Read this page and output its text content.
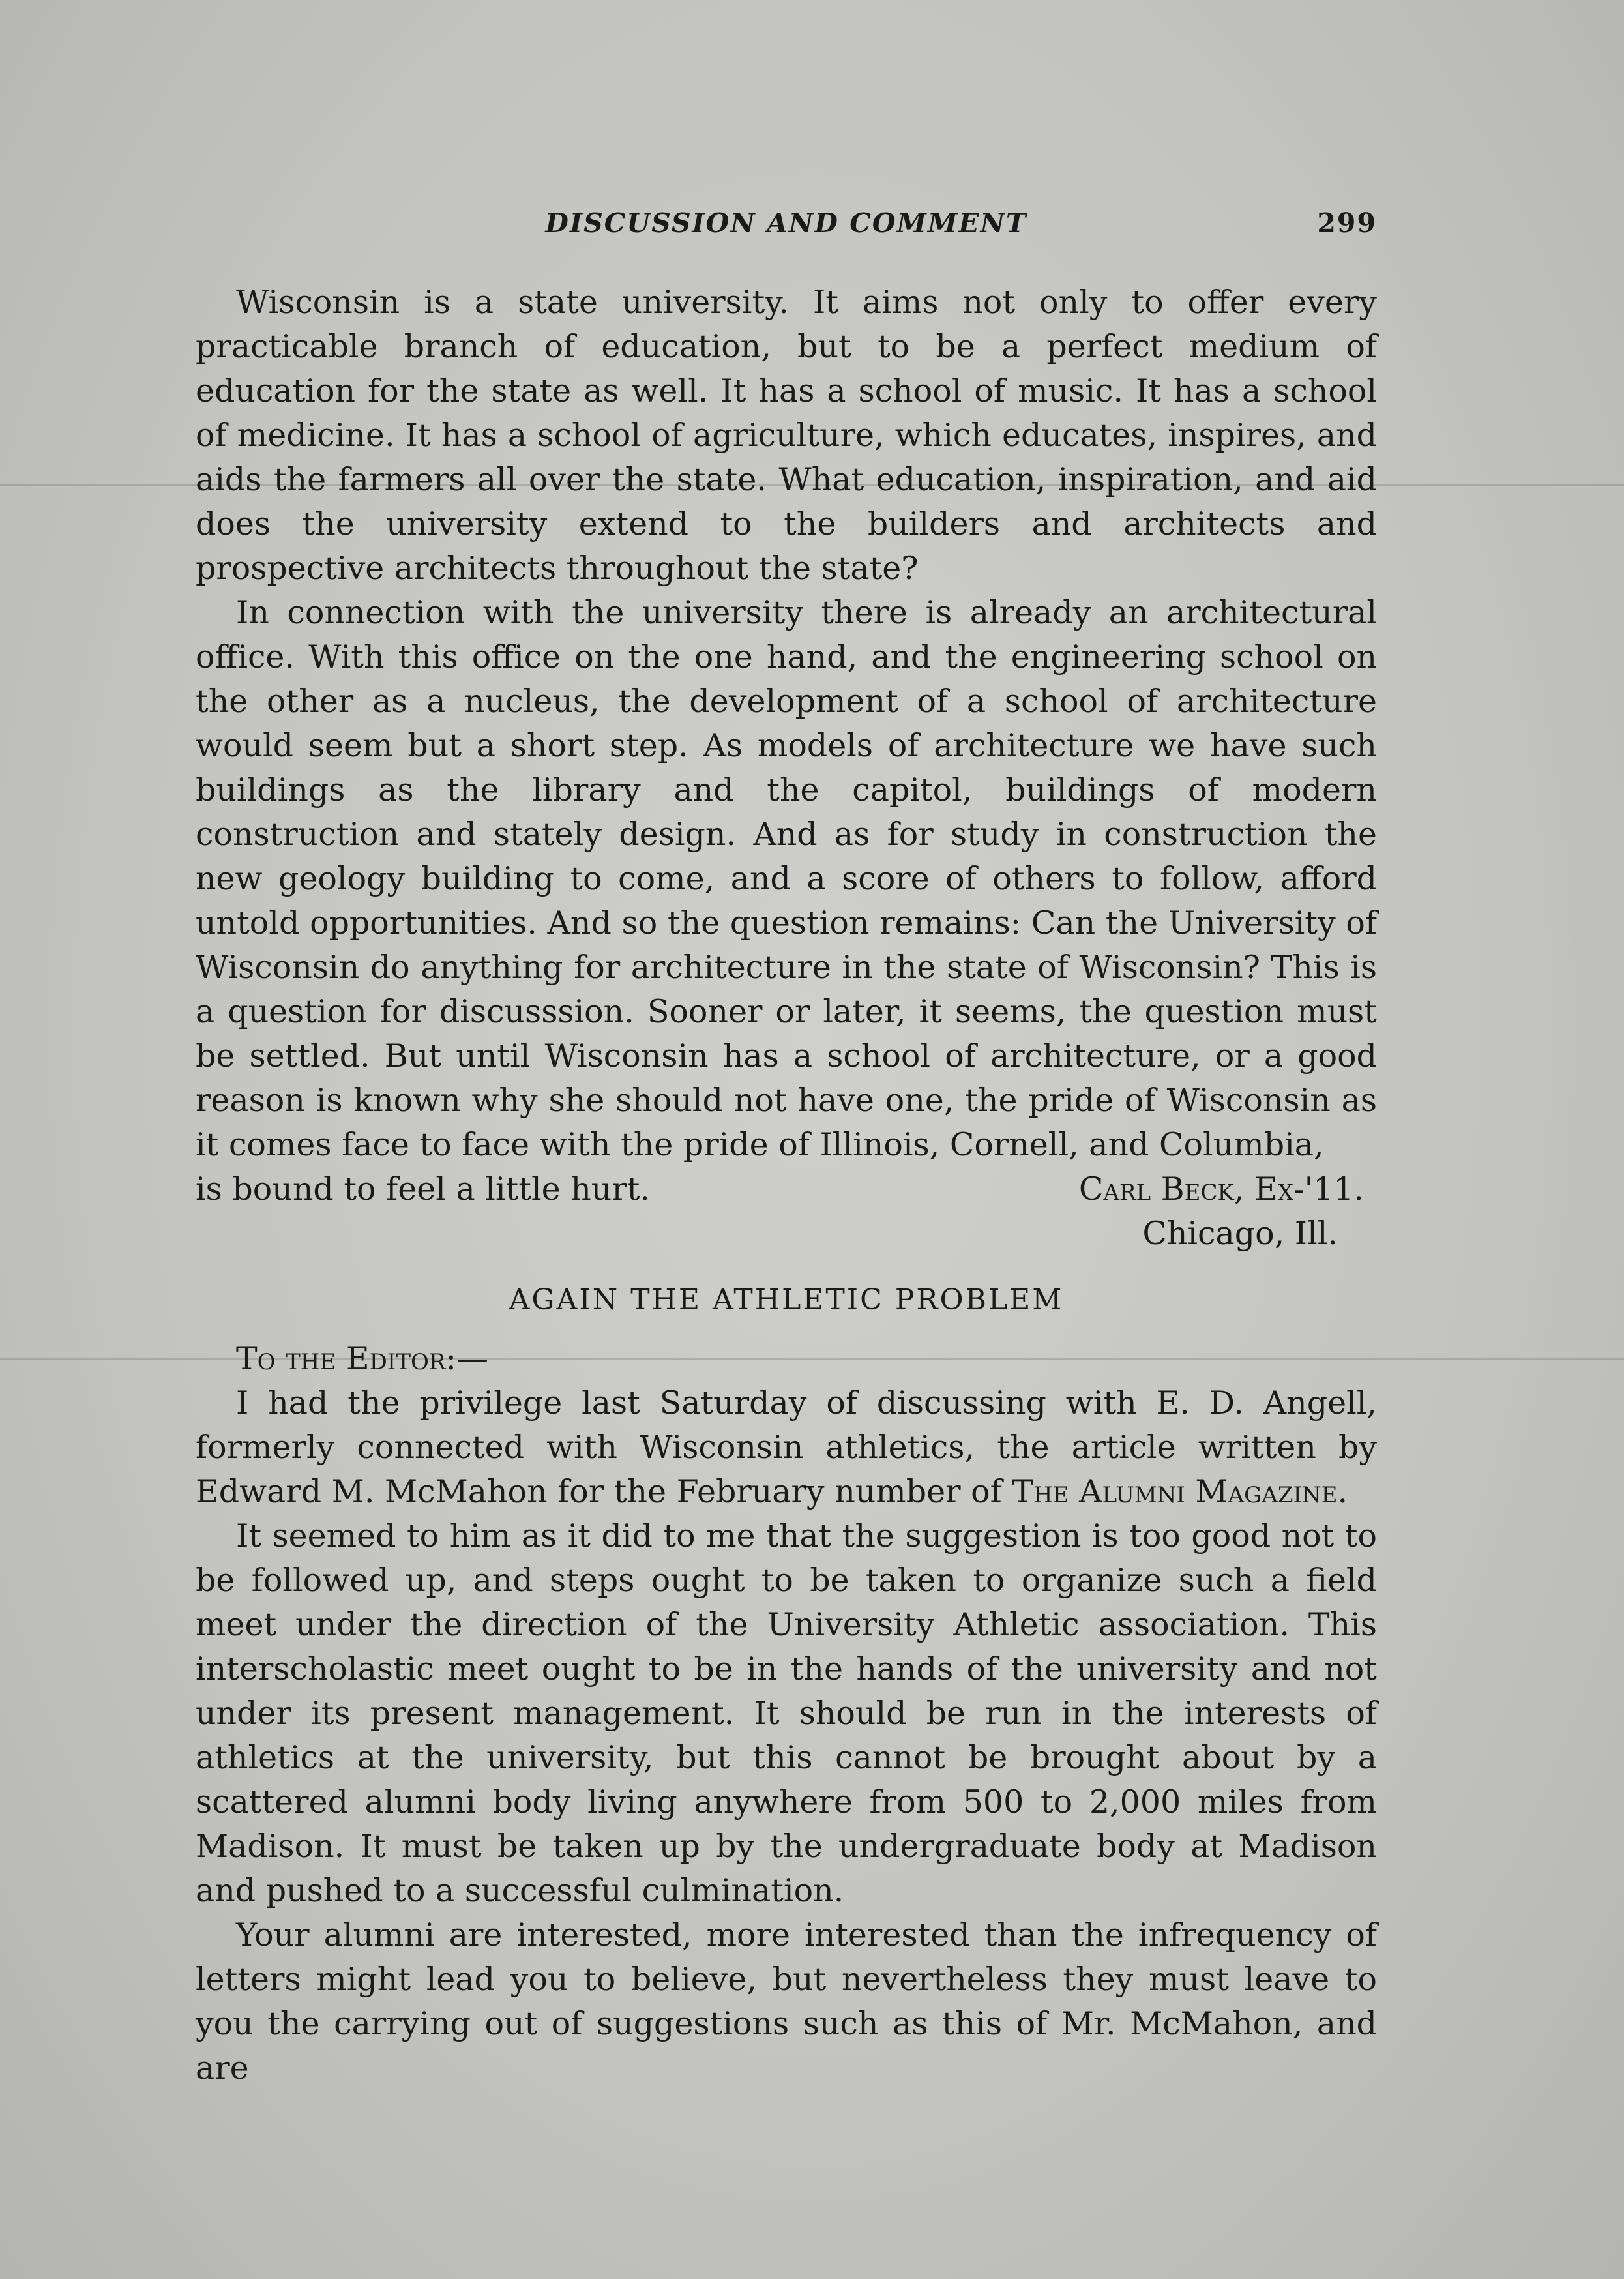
DISCUSSION AND COMMENT	299

Wisconsin is a state university. It aims not only to offer every practicable branch of education, but to be a perfect medium of education for the state as well. It has a school of music. It has a school of medicine. It has a school of agriculture, which educates, inspires, and aids the farmers all over the state. What education, inspiration, and aid does the university extend to the builders and architects and prospective architects throughout the state?

In connection with the university there is already an architectural office. With this office on the one hand, and the engineering school on the other as a nucleus, the development of a school of architecture would seem but a short step. As models of architecture we have such buildings as the library and the capitol, buildings of modern construction and stately design. And as for study in construction the new geology building to come, and a score of others to follow, afford untold opportunities. And so the question remains: Can the University of Wisconsin do anything for architecture in the state of Wisconsin? This is a question for discusssion. Sooner or later, it seems, the question must be settled. But until Wisconsin has a school of architecture, or a good reason is known why she should not have one, the pride of Wisconsin as it comes face to face with the pride of Illinois, Cornell, and Columbia,

is bound to feel a little hurt.	Carl Beck, Ex-'11.

Chicago, Ill.

AGAIN THE ATHLETIC PROBLEM

To the Editor:—

I had the privilege last Saturday of discussing with E. D. Angell, formerly connected with Wisconsin athletics, the article written by Edward M. McMahon for the February number of The Alumni Magazine.

It seemed to him as it did to me that the suggestion is too good not to be followed up, and steps ought to be taken to organize such a field meet under the direction of the University Athletic association. This interscholastic meet ought to be in the hands of the university and not under its present management. It should be run in the interests of athletics at the university, but this cannot be brought about by a scattered alumni body living anywhere from 500 to 2,000 miles from Madison. It must be taken up by the undergraduate body at Madison and pushed to a successful culmination.

Your alumni are interested, more interested than the infrequency of letters might lead you to believe, but nevertheless they must leave to you the carrying out of suggestions such as this of Mr. McMahon, and are
